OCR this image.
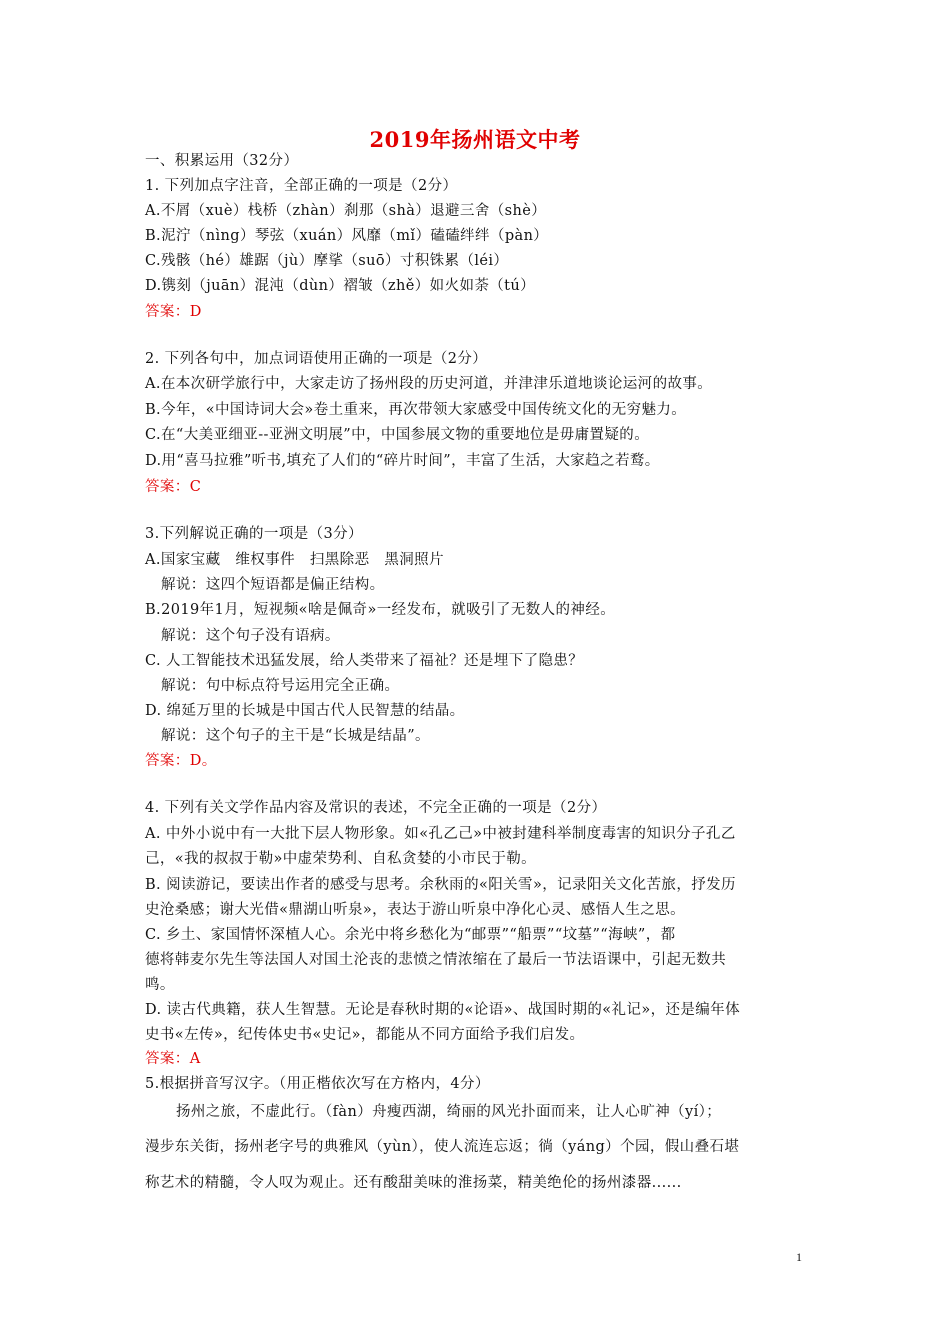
2019年扬州语文中考
一、积累运用（32分）
1. 下列加点字注音，全部正确的一项是（2分）
A.不屑（xuè）栈桥（zhàn）刹那（shà）退避三舍（shè）
B.泥泞（nìng）琴弦（xuán）风靡（mǐ）磕磕绊绊（pàn）
C.残骸（hé）雄踞（jù）摩挲（suō）寸积铢累（léi）
D.镌刻（juān）混沌（dùn）褶皱（zhě）如火如荼（tú）
答案：D
2. 下列各句中，加点词语使用正确的一项是（2分）
A.在本次研学旅行中，大家走访了扬州段的历史河道，并津津乐道地谈论运河的故事。
B.今年，«中国诗词大会»卷土重来，再次带领大家感受中国传统文化的无穷魅力。
C.在“大美亚细亚--亚洲文明展”中，中国参展文物的重要地位是毋庸置疑的。
D.用“喜马拉雅”听书,填充了人们的“碎片时间”，丰富了生活，大家趋之若鹜。
答案：C
3.下列解说正确的一项是（3分）
A.国家宝藏　维权事件　扫黑除恶　黑洞照片
解说：这四个短语都是偏正结构。
B.2019年1月，短视频«啥是佩奇»一经发布，就吸引了无数人的神经。
解说：这个句子没有语病。
C. 人工智能技术迅猛发展，给人类带来了福祉？还是埋下了隐患？
解说：句中标点符号运用完全正确。
D. 绵延万里的长城是中国古代人民智慧的结晶。
解说：这个句子的主干是“长城是结晶”。
答案：D。
4. 下列有关文学作品内容及常识的表述，不完全正确的一项是（2分）
A. 中外小说中有一大批下层人物形象。如«孔乙己»中被封建科举制度毒害的知识分子孔乙
己，«我的叔叔于勒»中虚荣势利、自私贪婪的小市民于勒。
B. 阅读游记，要读出作者的感受与思考。余秋雨的«阳关雪»，记录阳关文化苦旅，抒发历
史沧桑感；谢大光借«鼎湖山听泉»，表达于游山听泉中净化心灵、感悟人生之思。
C. 乡土、家国情怀深植人心。余光中将乡愁化为“邮票”“船票”“坟墓”“海峡”，都
德将韩麦尔先生等法国人对国土沦丧的悲愤之情浓缩在了最后一节法语课中，引起无数共
鸣。
D. 读古代典籍，获人生智慧。无论是春秋时期的«论语»、战国时期的«礼记»，还是编年体
史书«左传»，纪传体史书«史记»，都能从不同方面给予我们启发。
答案：A
5.根据拼音写汉字。（用正楷依次写在方格内，4分）
扬州之旅，不虚此行。（fàn）舟瘦西湖，绮丽的风光扑面而来，让人心旷神（yí）；
漫步东关街，扬州老字号的典雅风（yùn），使人流连忘返；徜（yáng）个园，假山叠石堪
称艺术的精髓，令人叹为观止。还有酸甜美味的淮扬菜，精美绝伦的扬州漆器......
1
